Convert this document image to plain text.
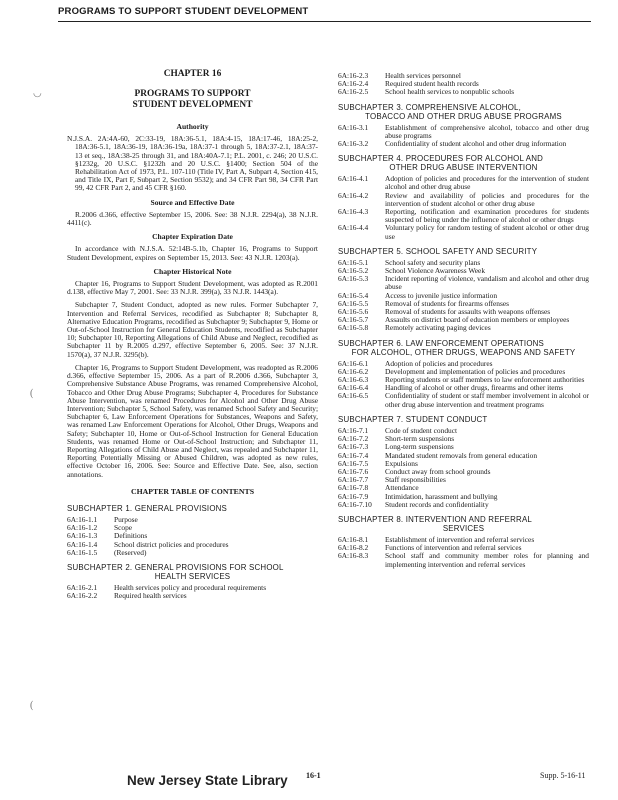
PROGRAMS TO SUPPORT STUDENT DEVELOPMENT
CHAPTER 16
PROGRAMS TO SUPPORT
STUDENT DEVELOPMENT
Authority

N.J.S.A. 2A:4A-60, 2C:33-19, 18A:36-5.1, 18A:4-15, 18A:17-46, 18A:25-2, 18A:36-5.1, 18A:36-19, 18A:36-19a, 18A:37-1 through 5, 18A:37-2.1, 18A:37-13 et seq., 18A:38-25 through 31, and 18A:40A-7.1; P.L. 2001, c. 246; 20 U.S.C. §1232g, 20 U.S.C. §1232h and 20 U.S.C. §1400; Section 504 of the Rehabilitation Act of 1973, P.L. 107-110 (Title IV, Part A, Subpart 4, Section 415, and Title IX, Part F, Subpart 2, Section 9532); and 34 CFR Part 98, 34 CFR Part 99, 42 CFR Part 2, and 45 CFR §160.

Source and Effective Date

R.2006 d.366, effective September 15, 2006. See: 38 N.J.R. 2294(a), 38 N.J.R. 4411(c).

Chapter Expiration Date

In accordance with N.J.S.A. 52:14B-5.1b, Chapter 16, Programs to Support Student Development, expires on September 15, 2013. See: 43 N.J.R. 1203(a).

Chapter Historical Note

Chapter 16, Programs to Support Student Development, was adopted as R.2001 d.138, effective May 7, 2001. See: 33 N.J.R. 399(a), 33 N.J.R. 1443(a).

Subchapter 7, Student Conduct, adopted as new rules. Former Subchapter 7, Intervention and Referral Services, recodified as Subchapter 8; Subchapter 8, Alternative Education Programs, recodified as Subchapter 9; Subchapter 9, Home or Out-of-School Instruction for General Education Students, recodified as Subchapter 10; Subchapter 10, Reporting Allegations of Child Abuse and Neglect, recodified as Subchapter 11 by R.2005 d.297, effective September 6, 2005. See: 37 N.J.R. 1570(a), 37 N.J.R. 3295(b).

Chapter 16, Programs to Support Student Development, was readopted as R.2006 d.366, effective September 15, 2006. As a part of R.2006 d.366, Subchapter 3, Comprehensive Substance Abuse Programs, was renamed Comprehensive Alcohol, Tobacco and Other Drug Abuse Programs; Subchapter 4, Procedures for Substance Abuse Intervention, was renamed Procedures for Alcohol and Other Drug Abuse Intervention; Subchapter 5, School Safety, was renamed School Safety and Security; Subchapter 6, Law Enforcement Operations for Substances, Weapons and Safety, was renamed Law Enforcement Operations for Alcohol, Other Drugs, Weapons and Safety; Subchapter 10, Home or Out-of-School Instruction for General Education Students, was renamed Home or Out-of-School Instruction; and Subchapter 11, Reporting Allegations of Child Abuse and Neglect, was repealed and Subchapter 11, Reporting Potentially Missing or Abused Children, was adopted as new rules, effective October 16, 2006. See: Source and Effective Date. See, also, section annotations.

CHAPTER TABLE OF CONTENTS
SUBCHAPTER 1. GENERAL PROVISIONS
6A:16-1.1	Purpose
6A:16-1.2	Scope
6A:16-1.3	Definitions
6A:16-1.4	School district policies and procedures
6A:16-1.5	(Reserved)
SUBCHAPTER 2. GENERAL PROVISIONS FOR SCHOOL
HEALTH SERVICES
6A:16-2.1	Health services policy and procedural requirements
6A:16-2.2	Required health services
6A:16-2.3	Health services personnel
6A:16-2.4	Required student health records
6A:16-2.5	School health services to nonpublic schools
SUBCHAPTER 3. COMPREHENSIVE ALCOHOL,
TOBACCO AND OTHER DRUG ABUSE PROGRAMS
6A:16-3.1	Establishment of comprehensive alcohol, tobacco and other drug abuse programs
6A:16-3.2	Confidentiality of student alcohol and other drug information
SUBCHAPTER 4. PROCEDURES FOR ALCOHOL AND
OTHER DRUG ABUSE INTERVENTION
6A:16-4.1	Adoption of policies and procedures for the intervention of student alcohol and other drug abuse
6A:16-4.2	Review and availability of policies and procedures for the intervention of student alcohol or other drug abuse
6A:16-4.3	Reporting, notification and examination procedures for students suspected of being under the influence of alcohol or other drugs
6A:16-4.4	Voluntary policy for random testing of student alcohol or other drug use
SUBCHAPTER 5. SCHOOL SAFETY AND SECURITY
6A:16-5.1	School safety and security plans
6A:16-5.2	School Violence Awareness Week
6A:16-5.3	Incident reporting of violence, vandalism and alcohol and other drug abuse
6A:16-5.4	Access to juvenile justice information
6A:16-5.5	Removal of students for firearms offenses
6A:16-5.6	Removal of students for assaults with weapons offenses
6A:16-5.7	Assaults on district board of education members or employees
6A:16-5.8	Remotely activating paging devices
SUBCHAPTER 6. LAW ENFORCEMENT OPERATIONS
FOR ALCOHOL, OTHER DRUGS, WEAPONS AND SAFETY
6A:16-6.1	Adoption of policies and procedures
6A:16-6.2	Development and implementation of policies and procedures
6A:16-6.3	Reporting students or staff members to law enforcement authorities
6A:16-6.4	Handling of alcohol or other drugs, firearms and other items
6A:16-6.5	Confidentiality of student or staff member involvement in alcohol or other drug abuse intervention and treatment programs
SUBCHAPTER 7. STUDENT CONDUCT
6A:16-7.1	Code of student conduct
6A:16-7.2	Short-term suspensions
6A:16-7.3	Long-term suspensions
6A:16-7.4	Mandated student removals from general education
6A:16-7.5	Expulsions
6A:16-7.6	Conduct away from school grounds
6A:16-7.7	Staff responsibilities
6A:16-7.8	Attendance
6A:16-7.9	Intimidation, harassment and bullying
6A:16-7.10	Student records and confidentiality
SUBCHAPTER 8. INTERVENTION AND REFERRAL
SERVICES
6A:16-8.1	Establishment of intervention and referral services
6A:16-8.2	Functions of intervention and referral services
6A:16-8.3	School staff and community member roles for planning and implementing intervention and referral services
◡
(
(
New Jersey State Library 16-1	Supp. 5-16-11
